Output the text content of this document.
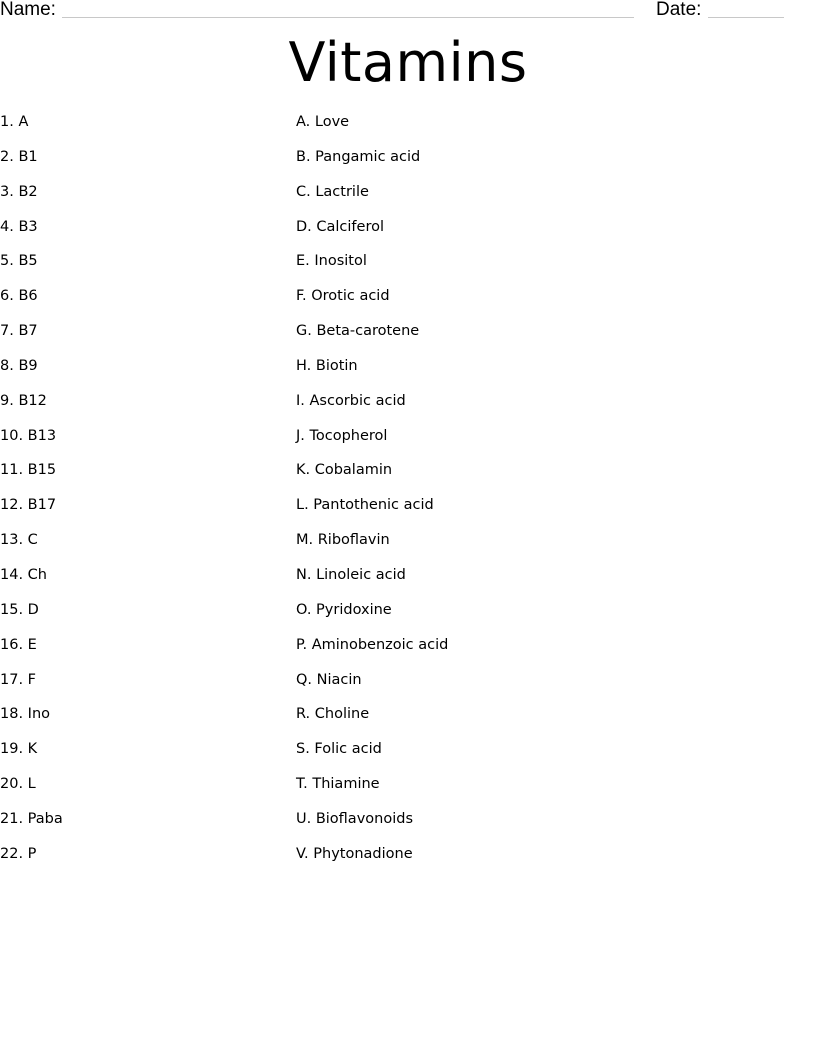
Name:	Date:
Vitamins
1. A
2. B1
3. B2
4. B3
5. B5
6. B6
7. B7
8. B9
9. B12
10. B13
11. B15
12. B17
13. C
14. Ch
15. D
16. E
17. F
18. Ino
19. K
20. L
21. Paba
22. P
A. Love
B. Pangamic acid
C. Lactrile
D. Calciferol
E. Inositol
F. Orotic acid
G. Beta-carotene
H. Biotin
I. Ascorbic acid
J. Tocopherol
K. Cobalamin
L. Pantothenic acid
M. Riboflavin
N. Linoleic acid
O. Pyridoxine
P. Aminobenzoic acid
Q. Niacin
R. Choline
S. Folic acid
T. Thiamine
U. Bioflavonoids
V. Phytonadione
